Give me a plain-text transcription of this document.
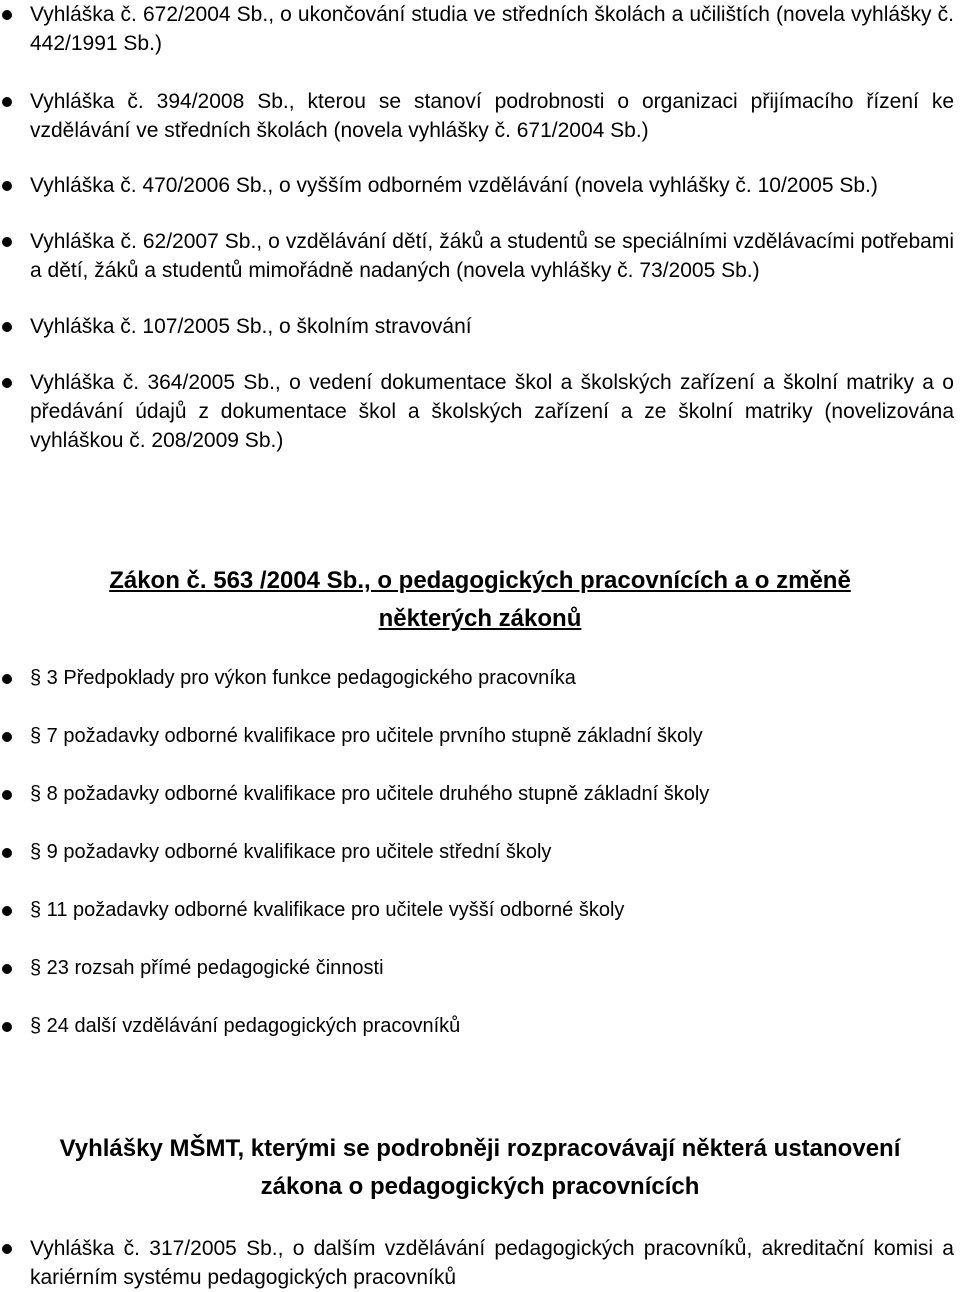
Vyhláška č. 672/2004 Sb., o ukončování studia ve středních školách a učilištích (novela vyhlášky č. 442/1991 Sb.)
Vyhláška č. 394/2008 Sb., kterou se stanoví podrobnosti o organizaci přijímacího řízení ke vzdělávání ve středních školách (novela vyhlášky č. 671/2004 Sb.)
Vyhláška č. 470/2006 Sb., o vyšším odborném vzdělávání (novela vyhlášky č. 10/2005 Sb.)
Vyhláška č. 62/2007 Sb., o vzdělávání dětí, žáků a studentů se speciálními vzdělávacími potřebami a dětí, žáků a studentů mimořádně nadaných (novela vyhlášky č. 73/2005 Sb.)
Vyhláška č. 107/2005 Sb., o školním stravování
Vyhláška č. 364/2005 Sb., o vedení dokumentace škol a školských zařízení a školní matriky a o předávání údajů z dokumentace škol a školských zařízení a ze školní matriky (novelizována vyhláškou č. 208/2009 Sb.)
Zákon č. 563 /2004 Sb., o pedagogických pracovnících a o změně
některých zákonů
§ 3 Předpoklady pro výkon funkce pedagogického pracovníka
§ 7 požadavky odborné kvalifikace pro učitele prvního stupně základní školy
§ 8 požadavky odborné kvalifikace pro učitele druhého stupně základní školy
§ 9 požadavky odborné kvalifikace pro učitele střední školy
§ 11 požadavky odborné kvalifikace pro učitele vyšší odborné školy
§ 23 rozsah přímé pedagogické činnosti
§ 24 další vzdělávání pedagogických pracovníků
Vyhlášky MŠMT, kterými se podrobněji rozpracovávají některá ustanovení
zákona o pedagogických pracovnících
Vyhláška č. 317/2005 Sb., o dalším vzdělávání pedagogických pracovníků, akreditační komisi a kariérním systému pedagogických pracovníků
